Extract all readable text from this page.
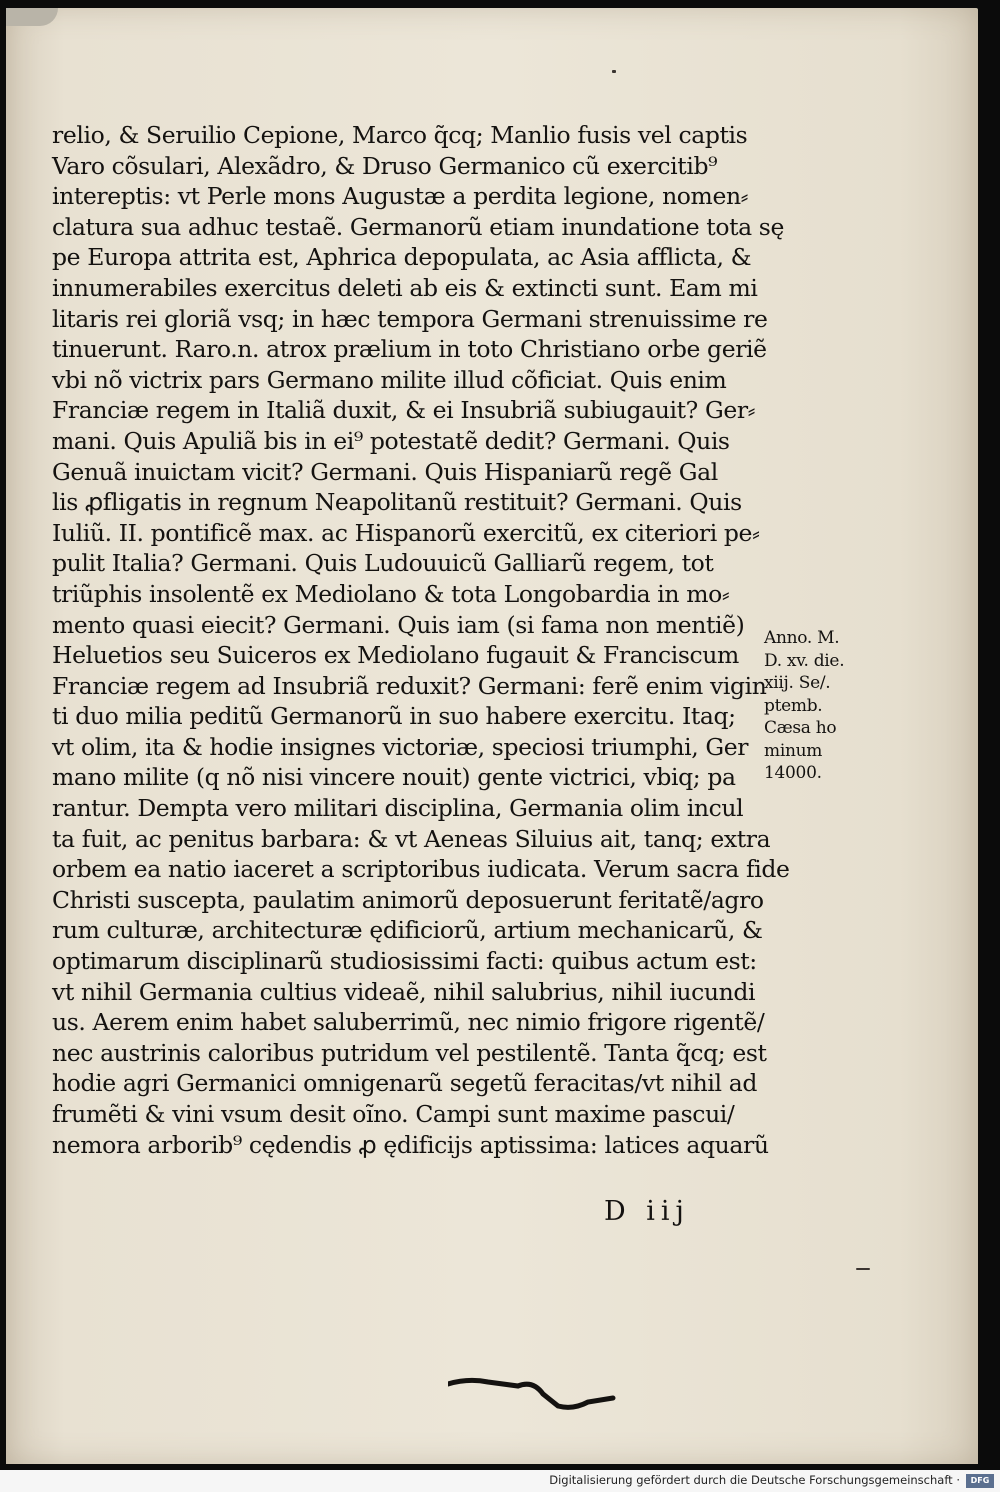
relio, & Seruilio Cepione, Marco q̃cq; Manlio fusis vel captis
Varo cõsulari, Alexãdro, & Druso Germanico cũ exercitib⁹
intereptis: vt Perle mons Augustæ a perdita legione, nomen⸗
clatura sua adhuc testaẽ. Germanorũ etiam inundatione tota sę
pe Europa attrita est, Aphrica depopulata, ac Asia afflicta, &
innumerabiles exercitus deleti ab eis & extincti sunt. Eam mi
litaris rei gloriã vsq; in hæc tempora Germani strenuissime re
tinuerunt. Raro.n. atrox prælium in toto Christiano orbe geriẽ
vbi nõ victrix pars Germano milite illud cõficiat. Quis enim
Franciæ regem in Italiã duxit, & ei Insubriã subiugauit? Ger⸗
mani. Quis Apuliã bis in ei⁹ potestatẽ dedit? Germani. Quis
Genuã inuictam vicit? Germani. Quis Hispaniarũ regẽ Gal
lis ꝓfligatis in regnum Neapolitanũ restituit? Germani. Quis
Iuliũ. II. pontificẽ max. ac Hispanorũ exercitũ, ex citeriori pe⸗
pulit Italia? Germani. Quis Ludouuicũ Galliarũ regem, tot
triũphis insolentẽ ex Mediolano & tota Longobardia in mo⸗
mento quasi eiecit? Germani. Quis iam (si fama non mentiẽ)
Heluetios seu Suiceros ex Mediolano fugauit & Franciscum
Franciæ regem ad Insubriã reduxit? Germani: ferẽ enim vigin
ti duo milia peditũ Germanorũ in suo habere exercitu. Itaq;
vt olim, ita & hodie insignes victoriæ, speciosi triumphi, Ger
mano milite (q nõ nisi vincere nouit) gente victrici, vbiq; pa
rantur. Dempta vero militari disciplina, Germania olim incul
ta fuit, ac penitus barbara: & vt Aeneas Siluius ait, tanq; extra
orbem ea natio iaceret a scriptoribus iudicata. Verum sacra fide
Christi suscepta, paulatim animorũ deposuerunt feritatẽ/agro
rum culturæ, architecturæ ędificiorũ, artium mechanicarũ, &
optimarum disciplinarũ studiosissimi facti: quibus actum est:
vt nihil Germania cultius videaẽ, nihil salubrius, nihil iucundi
us. Aerem enim habet saluberrimũ, nec nimio frigore rigentẽ/
nec austrinis caloribus putridum vel pestilentẽ. Tanta q̃cq; est
hodie agri Germanici omnigenarũ segetũ feracitas/vt nihil ad
frumẽti & vini vsum desit oĩno. Campi sunt maxime pascui/
nemora arborib⁹ cędendis ꝓ ędificijs aptissima: latices aquarũ
Anno. M.
D. xv. die.
xiij. Se/.
ptemb.
Cæsa ho
minum
14000.
D iij
Digitalisierung gefördert durch die Deutsche Forschungsgemeinschaft ·	DFG
